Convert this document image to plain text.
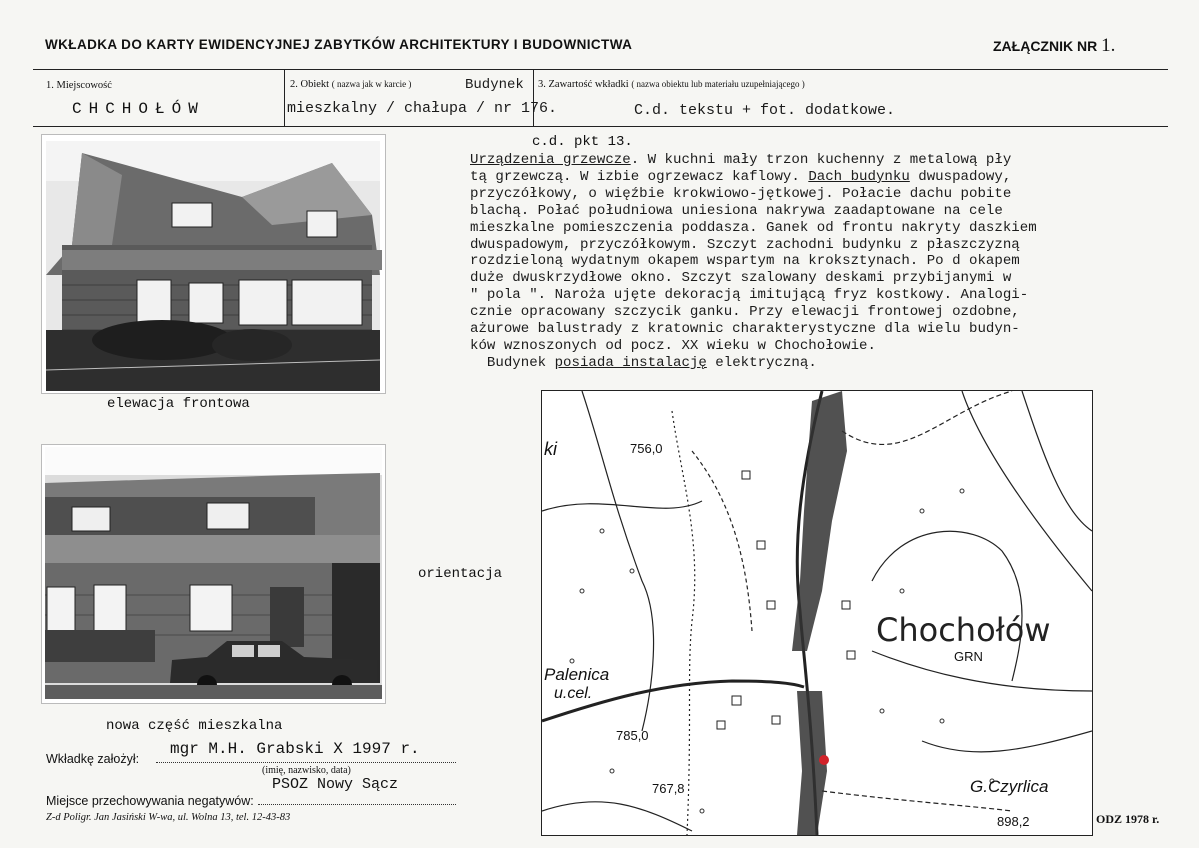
WKŁADKA DO KARTY EWIDENCYJNEJ ZABYTKÓW ARCHITEKTURY I BUDOWNICTWA	ZAŁĄCZNIK NR 1.
1. Miejscowość
CHCHOŁÓW
2. Obiekt ( nazwa jak w karcie )	Budynek
mieszkalny / chałupa / nr 176.
3. Zawartość wkładki ( nazwa obiektu lub materiału uzupełniającego )
C.d. tekstu + fot. dodatkowe.
c.d. pkt 13.
Urządzenia grzewcze. W kuchni mały trzon kuchenny z metalową pły
tą grzewczą. W izbie ogrzewacz kaflowy. Dach budynku dwuspadowy,
przyczółkowy, o więźbie krokwiowo-jętkowej. Połacie dachu pobite
blachą. Połać południowa uniesiona nakrywa zaadaptowane na cele
mieszkalne pomieszczenia poddasza. Ganek od frontu nakryty daszkiem
dwuspadowym, przyczółkowym. Szczyt zachodni budynku z płaszczyzną
rozdzieloną wydatnym okapem wspartym na kroksztynach. Po d okapem
duże dwuskrzydłowe okno. Szczyt szalowany deskami przybijanymi w
" pola ". Naroża ujęte dekoracją imitującą fryz kostkowy. Analogi-
cznie opracowany szczycik ganku. Przy elewacji frontowej ozdobne,
ażurowe balustrady z kratownic charakterystyczne dla wielu budyn-
ków wznoszonych od pocz. XX wieku w Chochołowie.
Budynek posiada instalację elektryczną.
elewacja frontowa
nowa część mieszkalna
orientacja
Chochołów
GRN
756,0
785,0
767,8
898,2
Palenica
u.cel.
G.Czyrlica
ki
Wkładkę założył:
mgr M.H. Grabski X 1997 r.
(imię, nazwisko, data)
Miejsce przechowywania negatywów:
PSOZ Nowy Sącz
Z-d Poligr. Jan Jasiński W-wa, ul. Wolna 13, tel. 12-43-83	ODZ 1978 r.
